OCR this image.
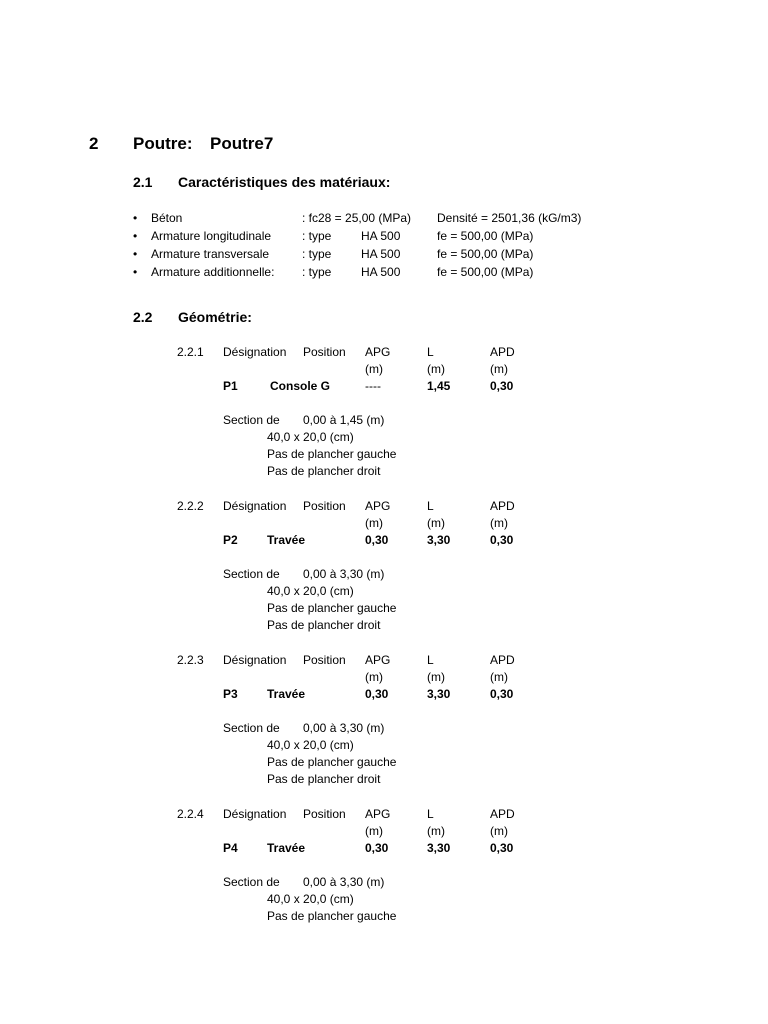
2 Poutre: Poutre7
2.1 Caractéristiques des matériaux:
• Béton	: fc28 = 25,00 (MPa) Densité = 2501,36 (kG/m3)
• Armature longitudinale	: type HA 500	fe = 500,00 (MPa)
• Armature transversale	: type HA 500	fe = 500,00 (MPa)
• Armature additionnelle: : type HA 500	fe = 500,00 (MPa)
2.2 Géométrie:
2.2.1 Désignation Position APG	L	APD
(m)	(m)	(m)
P1	Console G	----	1,45	0,30
Section de 0,00 à 1,45 (m)
40,0 x 20,0 (cm)
Pas de plancher gauche
Pas de plancher droit
2.2.2 Désignation Position APG	L	APD
(m)	(m)	(m)
P2 Travée	0,30	3,30	0,30
Section de 0,00 à 3,30 (m)
40,0 x 20,0 (cm)
Pas de plancher gauche
Pas de plancher droit
2.2.3 Désignation Position APG	L	APD
(m)	(m)	(m)
P3 Travée	0,30	3,30	0,30
Section de 0,00 à 3,30 (m)
40,0 x 20,0 (cm)
Pas de plancher gauche
Pas de plancher droit
2.2.4 Désignation Position APG	L	APD
(m)	(m)	(m)
P4 Travée	0,30	3,30	0,30
Section de 0,00 à 3,30 (m)
40,0 x 20,0 (cm)
Pas de plancher gauche
